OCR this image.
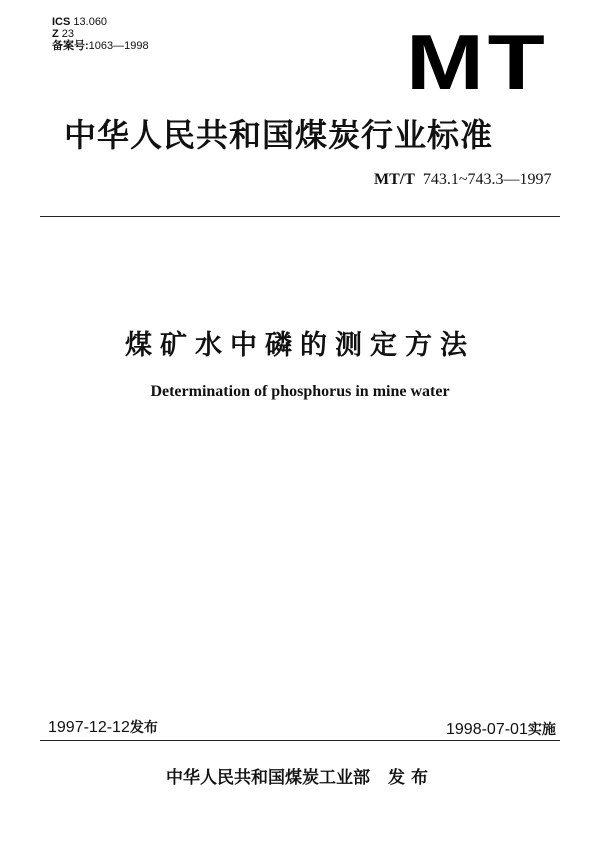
ICS 13.060
Z 23
备案号:1063—1998	MT
中华人民共和国煤炭行业标准
MT/T 743.1~743.3—1997
煤矿水中磷的测定方法
Determination of phosphorus in mine water
1997-12-12发布	1998-07-01实施
中华人民共和国煤炭工业部 发布
